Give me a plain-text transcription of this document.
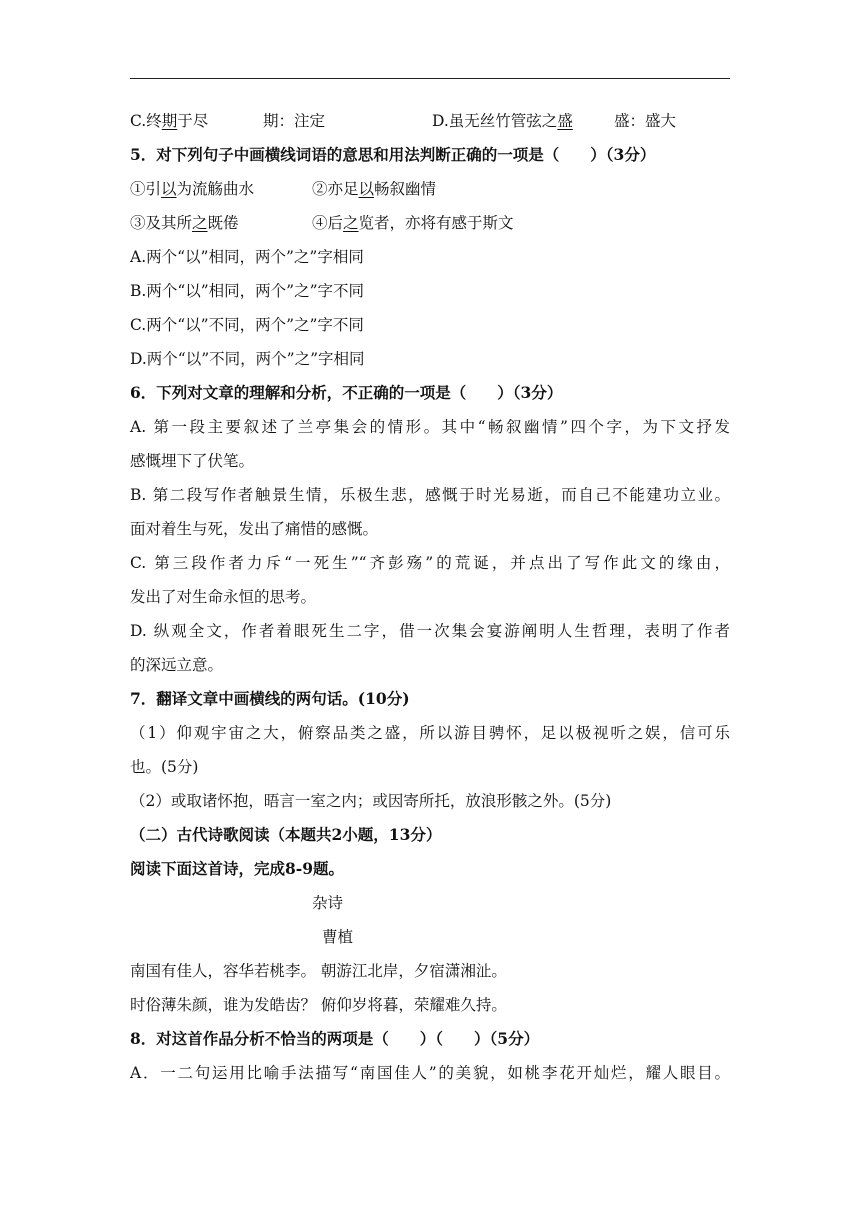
C.终期于尽	期：注定	D.虽无丝竹管弦之盛	盛：盛大
5．对下列句子中画横线词语的意思和用法判断正确的一项是（　　）（3分）
①引以为流觞曲水	②亦足以畅叙幽情
③及其所之既倦	④后之览者，亦将有感于斯文
A.两个“以”相同，两个”之”字相同
B.两个“以”相同，两个”之”字不同
C.两个“以”不同，两个”之”字不同
D.两个“以”不同，两个”之”字相同
6．下列对文章的理解和分析，不正确的一项是（　　）（3分）
A. 第一段主要叙述了兰亭集会的情形。其中“畅叙幽情”四个字，为下文抒发
感慨埋下了伏笔。
B. 第二段写作者触景生情，乐极生悲，感慨于时光易逝，而自己不能建功立业。
面对着生与死，发出了痛惜的感慨。
C. 第三段作者力斥“一死生”“齐彭殇”的荒诞，并点出了写作此文的缘由，
发出了对生命永恒的思考。
D. 纵观全文，作者着眼死生二字，借一次集会宴游阐明人生哲理，表明了作者
的深远立意。
7．翻译文章中画横线的两句话。(10分)
（1）仰观宇宙之大，俯察品类之盛，所以游目骋怀，足以极视听之娱，信可乐
也。(5分)
（2）或取诸怀抱，晤言一室之内；或因寄所托，放浪形骸之外。(5分)
（二）古代诗歌阅读（本题共2小题，13分）
阅读下面这首诗，完成8-9题。
杂诗
曹植
南国有佳人，容华若桃李。 朝游江北岸，夕宿潇湘沚。
时俗薄朱颜，谁为发皓齿？ 俯仰岁将暮，荣耀难久持。
8．对这首作品分析不恰当的两项是（　　）（　　）（5分）
A．一二句运用比喻手法描写“南国佳人”的美貌，如桃李花开灿烂，耀人眼目。
